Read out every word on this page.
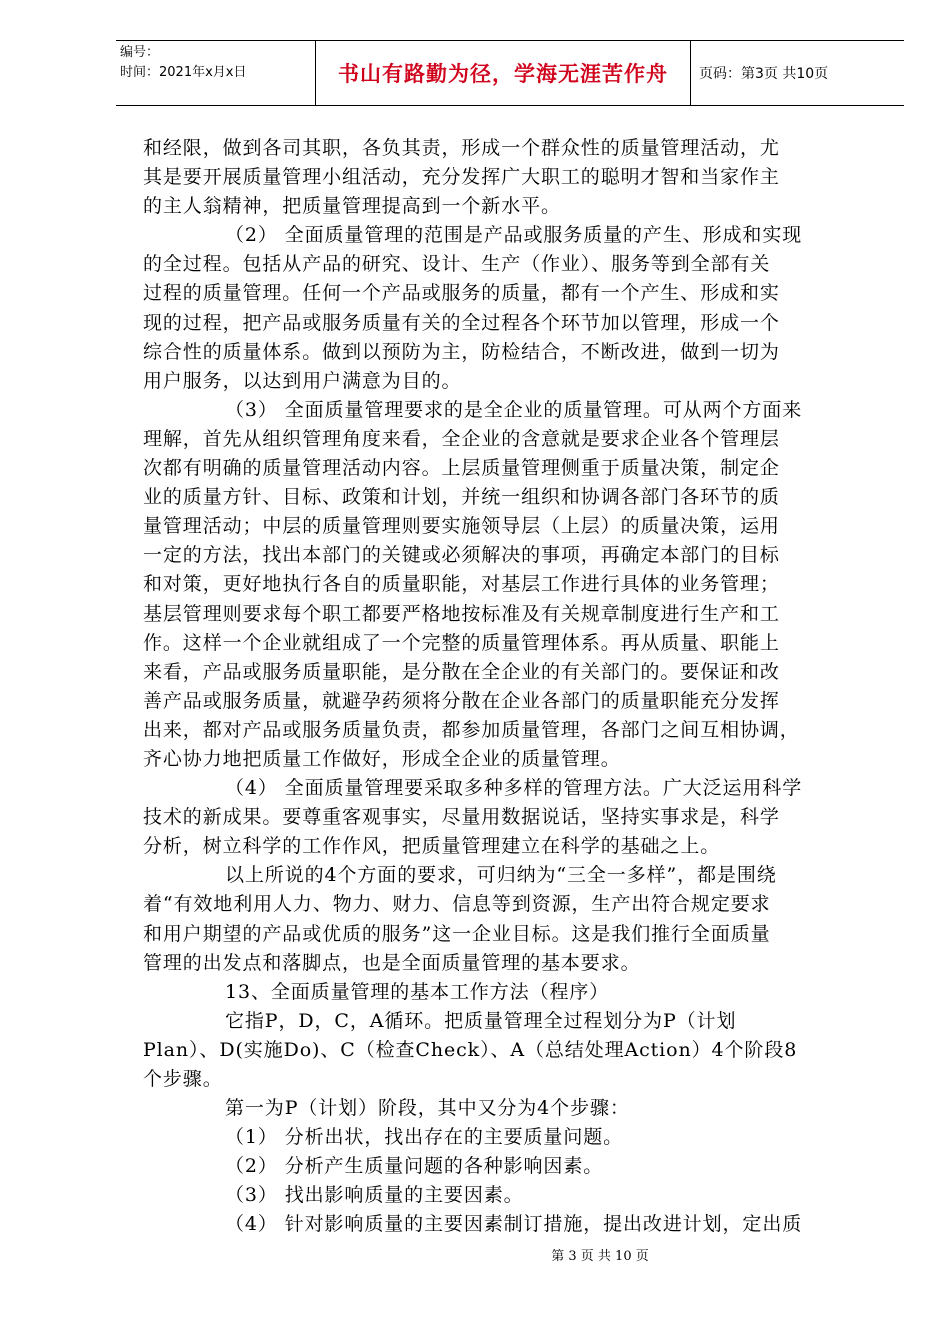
编号：
时间：2021年x月x日	书山有路勤为径，学海无涯苦作舟	页码：第3页 共10页
和经限，做到各司其职，各负其责，形成一个群众性的质量管理活动，尤
其是要开展质量管理小组活动，充分发挥广大职工的聪明才智和当家作主
的主人翁精神，把质量管理提高到一个新水平。
（2） 全面质量管理的范围是产品或服务质量的产生、形成和实现
的全过程。包括从产品的研究、设计、生产（作业）、服务等到全部有关
过程的质量管理。任何一个产品或服务的质量，都有一个产生、形成和实
现的过程，把产品或服务质量有关的全过程各个环节加以管理，形成一个
综合性的质量体系。做到以预防为主，防检结合，不断改进，做到一切为
用户服务，以达到用户满意为目的。
（3） 全面质量管理要求的是全企业的质量管理。可从两个方面来
理解，首先从组织管理角度来看，全企业的含意就是要求企业各个管理层
次都有明确的质量管理活动内容。上层质量管理侧重于质量决策，制定企
业的质量方针、目标、政策和计划，并统一组织和协调各部门各环节的质
量管理活动；中层的质量管理则要实施领导层（上层）的质量决策，运用
一定的方法，找出本部门的关键或必须解决的事项，再确定本部门的目标
和对策，更好地执行各自的质量职能，对基层工作进行具体的业务管理；
基层管理则要求每个职工都要严格地按标准及有关规章制度进行生产和工
作。这样一个企业就组成了一个完整的质量管理体系。再从质量、职能上
来看，产品或服务质量职能，是分散在全企业的有关部门的。要保证和改
善产品或服务质量，就避孕药须将分散在企业各部门的质量职能充分发挥
出来，都对产品或服务质量负责，都参加质量管理，各部门之间互相协调，
齐心协力地把质量工作做好，形成全企业的质量管理。
（4） 全面质量管理要采取多种多样的管理方法。广大泛运用科学
技术的新成果。要尊重客观事实，尽量用数据说话，坚持实事求是，科学
分析，树立科学的工作作风，把质量管理建立在科学的基础之上。
以上所说的4个方面的要求，可归纳为“三全一多样”，都是围绕
着“有效地利用人力、物力、财力、信息等到资源，生产出符合规定要求
和用户期望的产品或优质的服务”这一企业目标。这是我们推行全面质量
管理的出发点和落脚点，也是全面质量管理的基本要求。
13、全面质量管理的基本工作方法（程序）
它指P，D，C，A循环。把质量管理全过程划分为P（计划
Plan）、D(实施Do)、C（检查Check）、A（总结处理Action）4个阶段8
个步骤。
第一为P（计划）阶段，其中又分为4个步骤：
（1） 分析出状，找出存在的主要质量问题。
（2） 分析产生质量问题的各种影响因素。
（3） 找出影响质量的主要因素。
（4） 针对影响质量的主要因素制订措施，提出改进计划，定出质
第 3 页 共 10 页
